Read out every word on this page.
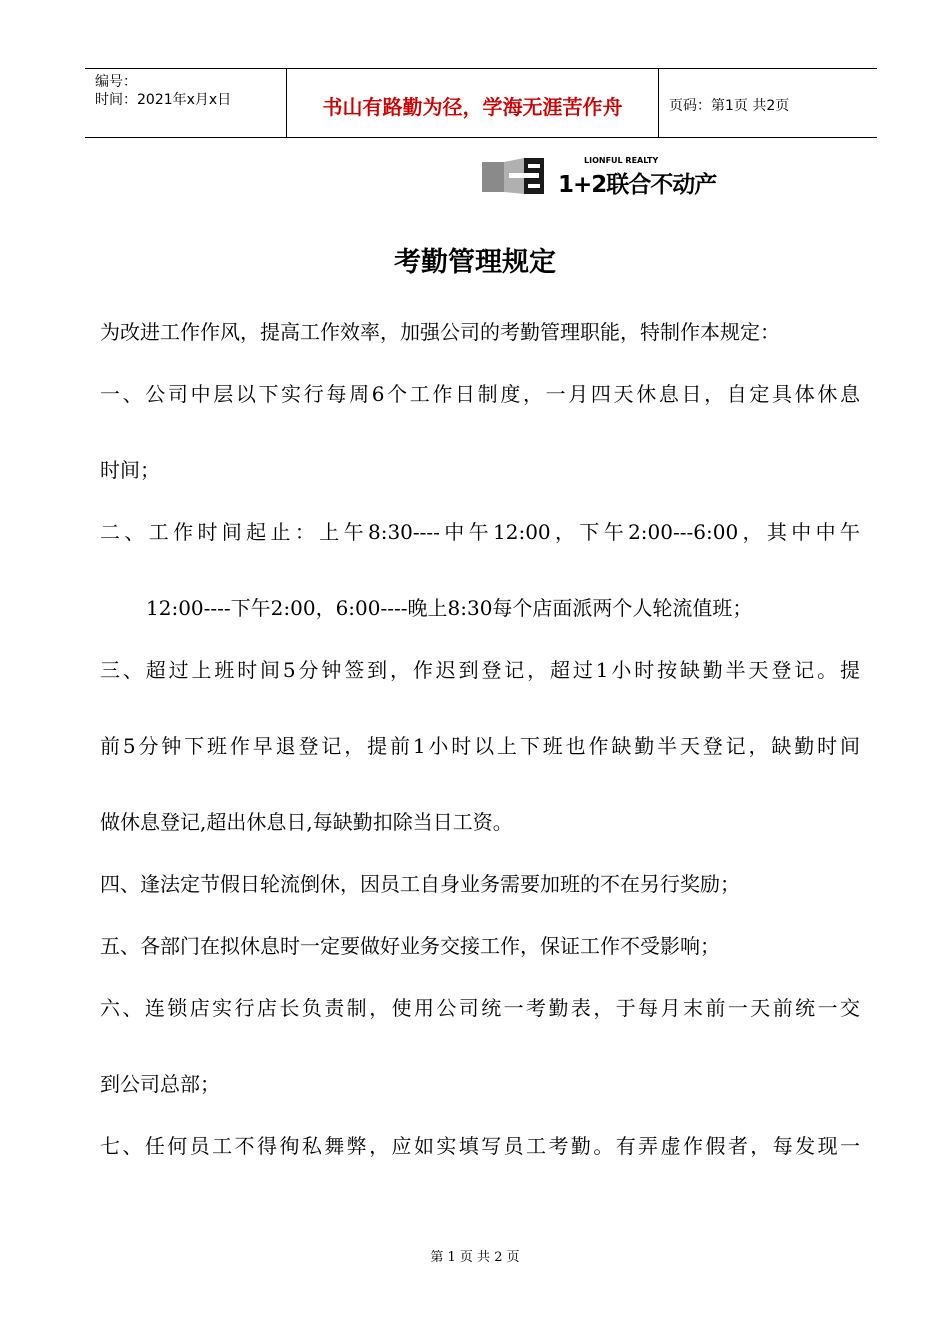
编号：
时间：2021年x月x日	书山有路勤为径，学海无涯苦作舟	页码：第1页 共2页
LIONFUL REALTY
1+2联合不动产
考勤管理规定
为改进工作作风，提高工作效率，加强公司的考勤管理职能，特制作本规定：
一、公司中层以下实行每周6个工作日制度，一月四天休息日，自定具体休息
时间；
二、工作时间起止：上午8:30----中午12:00，下午2:00---6:00，其中中午
12:00----下午2:00，6:00----晚上8:30每个店面派两个人轮流值班；
三、超过上班时间5分钟签到，作迟到登记，超过1小时按缺勤半天登记。提
前5分钟下班作早退登记，提前1小时以上下班也作缺勤半天登记，缺勤时间
做休息登记,超出休息日,每缺勤扣除当日工资。
四、逢法定节假日轮流倒休，因员工自身业务需要加班的不在另行奖励；
五、各部门在拟休息时一定要做好业务交接工作，保证工作不受影响；
六、连锁店实行店长负责制，使用公司统一考勤表，于每月末前一天前统一交
到公司总部；
七、任何员工不得徇私舞弊，应如实填写员工考勤。有弄虚作假者，每发现一
第 1 页 共 2 页
